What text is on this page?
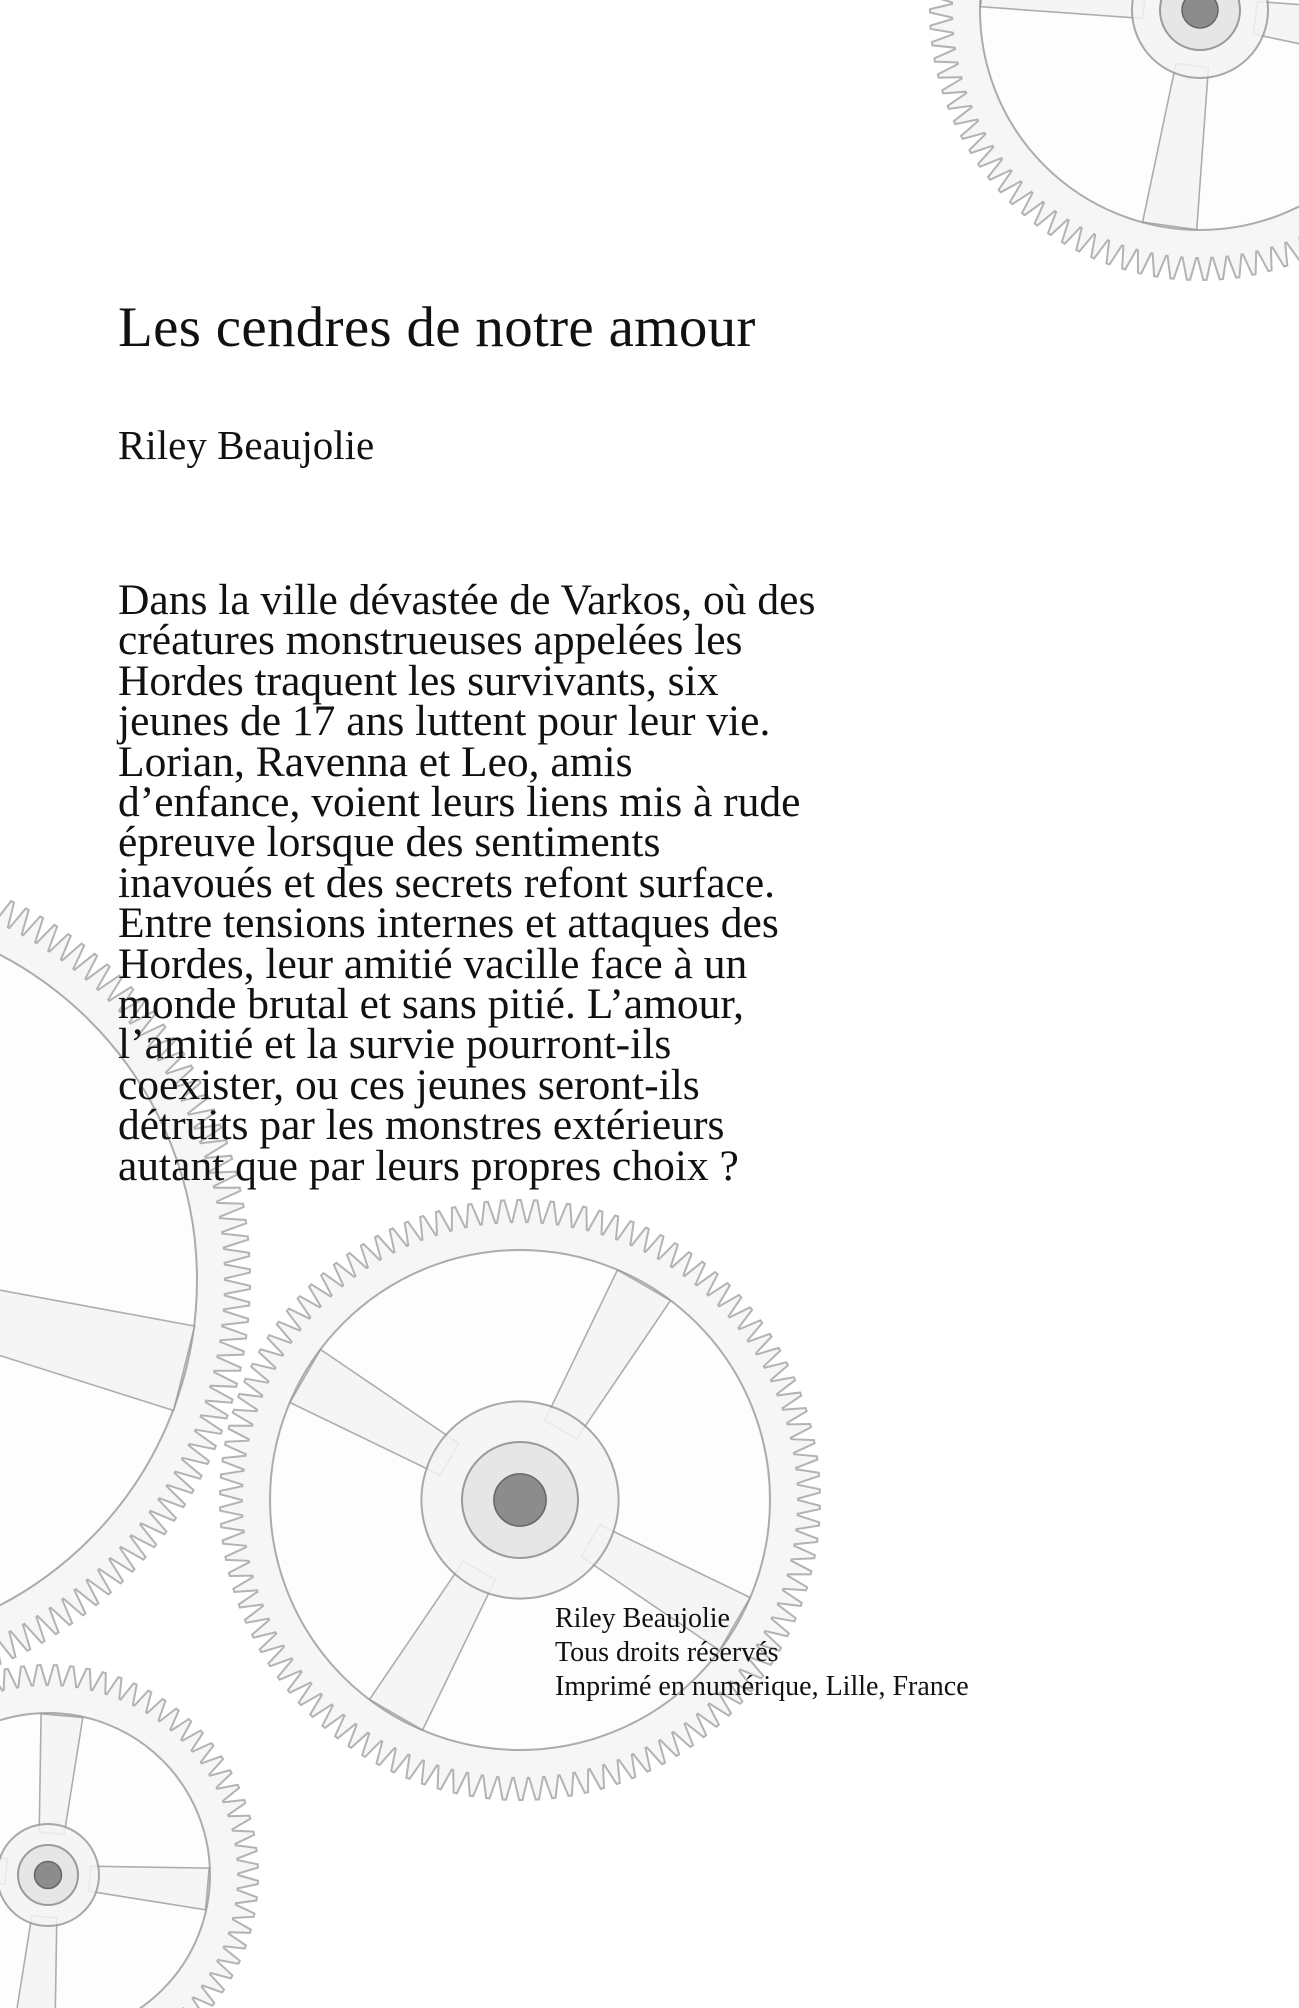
Les cendres de notre amour
Riley Beaujolie

Dans la ville dévastée de Varkos, où des
créatures monstrueuses appelées les
Hordes traquent les survivants, six
jeunes de 17 ans luttent pour leur vie.
Lorian, Ravenna et Leo, amis
d’enfance, voient leurs liens mis à rude
épreuve lorsque des sentiments
inavoués et des secrets refont surface.
Entre tensions internes et attaques des
Hordes, leur amitié vacille face à un
monde brutal et sans pitié. L’amour,
l’amitié et la survie pourront-ils
coexister, ou ces jeunes seront-ils
détruits par les monstres extérieurs
autant que par leurs propres choix ?

Riley Beaujolie
Tous droits réservés
Imprimé en numérique, Lille, France
